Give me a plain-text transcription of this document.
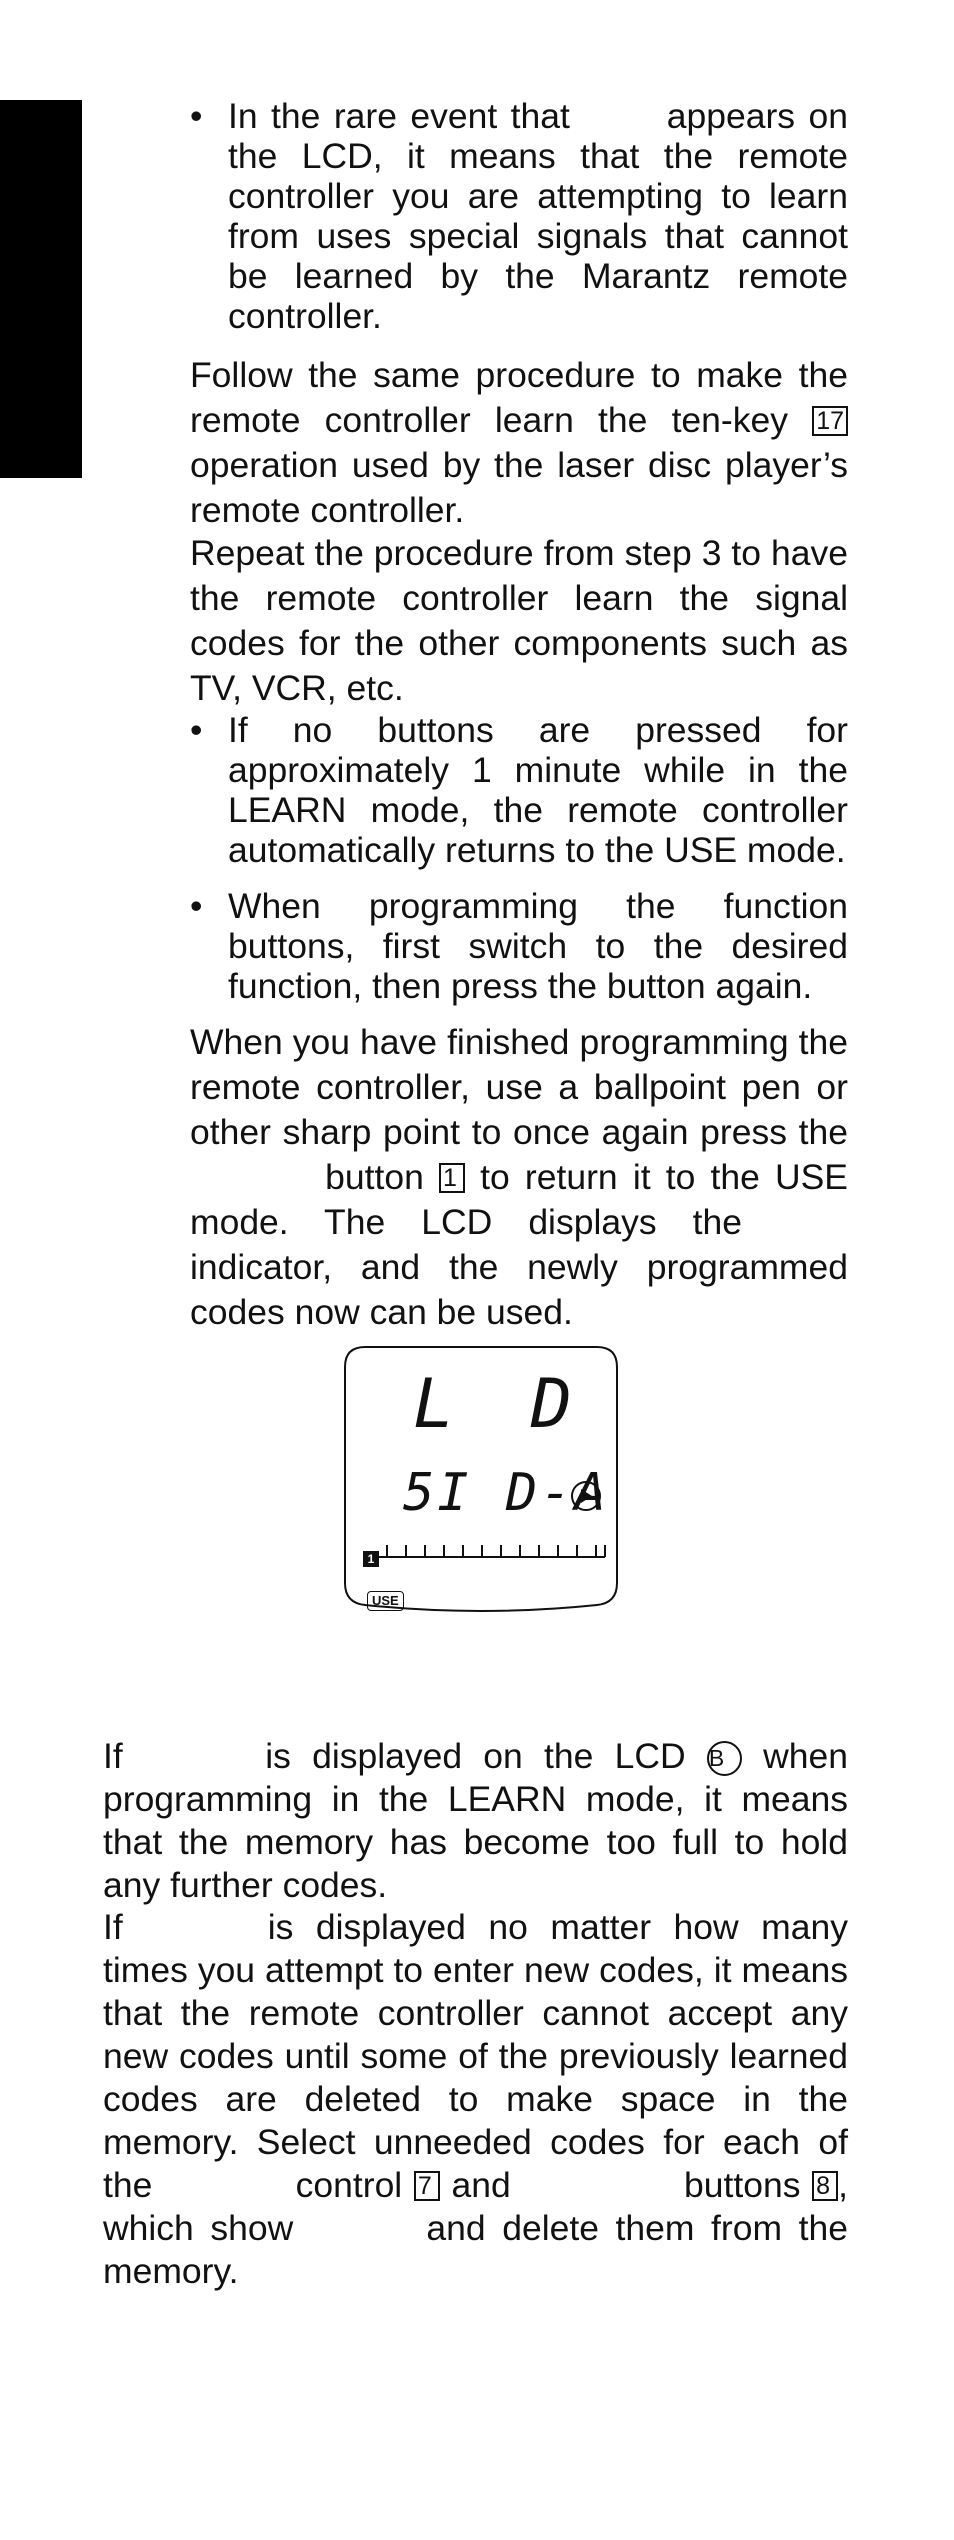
• In the rare event that  appears on the LCD, it means that the remote controller you are attempting to learn from uses special signals that cannot be learned by the Marantz remote controller.

Follow the same procedure to make the remote controller learn the ten-key 17 operation used by the laser disc player’s remote controller.

Repeat the procedure from step 3 to have the remote controller learn the signal codes for the other components such as TV, VCR, etc.

• If no buttons are pressed for approximately 1 minute while in the LEARN mode, the remote controller automatically returns to the USE mode.

• When programming the function buttons, first switch to the desired function, then press the button again.

When you have finished programming the remote controller, use a ballpoint pen or other sharp point to once again press the  button 1 to return it to the USE mode. The LCD displays the  indicator, and the newly programmed codes now can be used.

L D
5I D-A
1
USE

If	is displayed on the LCD B when programming in the LEARN mode, it means that the memory has become too full to hold any further codes.

If	is displayed no matter how many times you attempt to enter new codes, it means that the remote controller cannot accept any new codes until some of the previously learned codes are deleted to make space in the memory. Select unneeded codes for each of the	control 7 and	buttons 8 , which show	and delete them from the memory.
